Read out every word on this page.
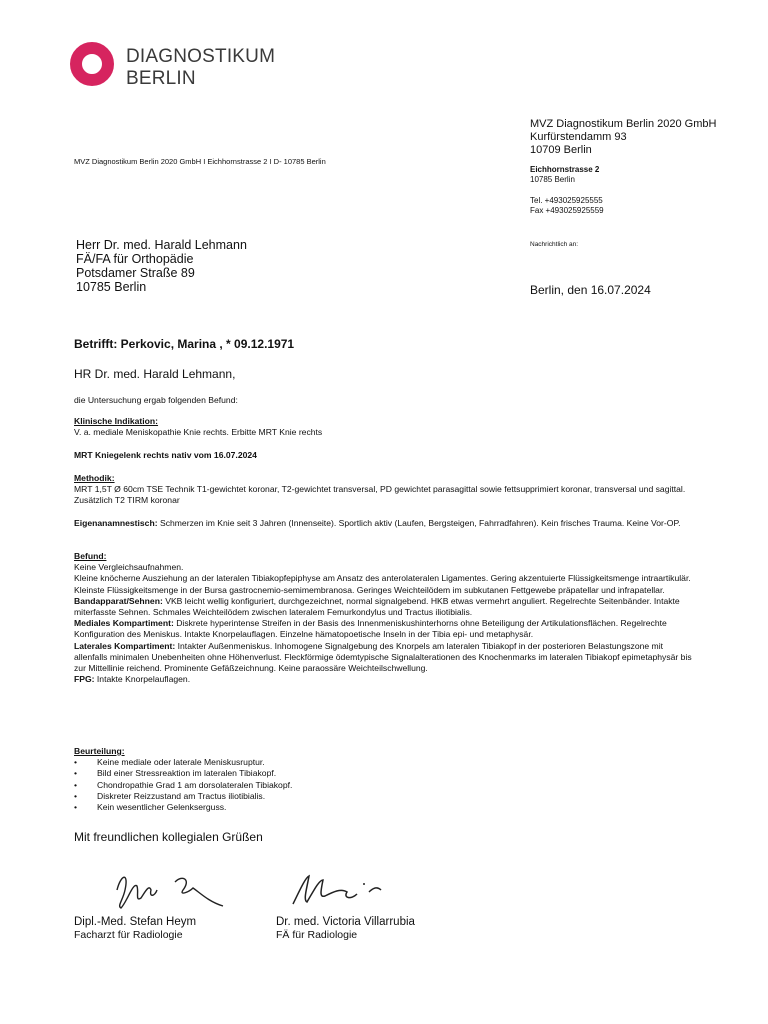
DIAGNOSTIKUM
BERLIN
MVZ Diagnostikum Berlin 2020 GmbH I Eichhornstrasse 2 I D- 10785 Berlin
MVZ Diagnostikum Berlin 2020 GmbH
Kurfürstendamm 93
10709 Berlin
Eichhornstrasse 2
10785 Berlin
Tel. +493025925555
Fax +493025925559
Nachrichtlich an:
Herr Dr. med. Harald Lehmann
FÄ/FA für Orthopädie
Potsdamer Straße 89
10785 Berlin	Berlin, den 16.07.2024
Betrifft: Perkovic, Marina , * 09.12.1971
HR Dr. med. Harald Lehmann,
die Untersuchung ergab folgenden Befund:
Klinische Indikation:
V. a. mediale Meniskopathie Knie rechts. Erbitte MRT Knie rechts
MRT Kniegelenk rechts nativ vom 16.07.2024
Methodik:
MRT 1,5T Ø 60cm TSE Technik T1-gewichtet koronar, T2-gewichtet transversal, PD gewichtet parasagittal sowie fettsupprimiert koronar, transversal und sagittal. Zusätzlich T2 TIRM koronar
Eigenanamnestisch: Schmerzen im Knie seit 3 Jahren (Innenseite). Sportlich aktiv (Laufen, Bergsteigen, Fahrradfahren). Kein frisches Trauma. Keine Vor-OP.
Befund:
Keine Vergleichsaufnahmen.
Kleine knöcherne Ausziehung an der lateralen Tibiakopfepiphyse am Ansatz des anterolateralen Ligamentes. Gering akzentuierte Flüssigkeitsmenge intraartikulär. Kleinste Flüssigkeitsmenge in der Bursa gastrocnemio-semimembranosa. Geringes Weichteilödem im subkutanen Fettgewebe präpatellar und infrapatellar.
Bandapparat/Sehnen: VKB leicht wellig konfiguriert, durchgezeichnet, normal signalgebend. HKB etwas vermehrt anguliert. Regelrechte Seitenbänder. Intakte miterfasste Sehnen. Schmales Weichteilödem zwischen lateralem Femurkondylus und Tractus iliotibialis.
Mediales Kompartiment: Diskrete hyperintense Streifen in der Basis des Innenmeniskushinterhorns ohne Beteiligung der Artikulationsflächen. Regelrechte Konfiguration des Meniskus. Intakte Knorpelauflagen. Einzelne hämatopoetische Inseln in der Tibia epi- und metaphysär.
Laterales Kompartiment: Intakter Außenmeniskus. Inhomogene Signalgebung des Knorpels am lateralen Tibiakopf in der posterioren Belastungszone mit allenfalls minimalen Unebenheiten ohne Höhenverlust. Fleckförmige ödemtypische Signalalterationen des Knochenmarks im lateralen Tibiakopf epimetaphysär bis zur Mittellinie reichend. Prominente Gefäßzeichnung. Keine paraossäre Weichteilschwellung.
FPG: Intakte Knorpelauflagen.
Beurteilung:
• Keine mediale oder laterale Meniskusruptur.
• Bild einer Stressreaktion im lateralen Tibiakopf.
• Chondropathie Grad 1 am dorsolateralen Tibiakopf.
• Diskreter Reizzustand am Tractus iliotibialis.
• Kein wesentlicher Gelenkserguss.
Mit freundlichen kollegialen Grüßen
Dipl.-Med. Stefan Heym
Facharzt für Radiologie
Dr. med. Victoria Villarrubia
FÄ für Radiologie
